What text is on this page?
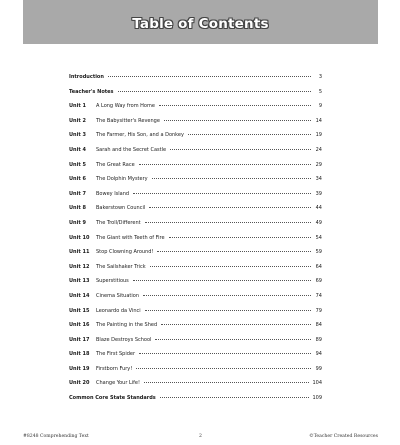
Table of Contents
Introduction	3
Teacher's Notes	5
Unit 1	A Long Way from Home	9
Unit 2	The Babysitter's Revenge	14
Unit 3	The Farmer, His Son, and a Donkey	19
Unit 4	Sarah and the Secret Castle	24
Unit 5	The Great Race	29
Unit 6	The Dolphin Mystery	34
Unit 7	Bowey Island	39
Unit 8	Bakerstown Council	44
Unit 9	The Troll/Different	49
Unit 10	The Giant with Teeth of Fire	54
Unit 11	Stop Clowning Around!	59
Unit 12	The Sailshaker Trick	64
Unit 13	Superstitious	69
Unit 14	Cinema Situation	74
Unit 15	Leonardo da Vinci	79
Unit 16	The Painting in the Shed	84
Unit 17	Blaze Destroys School	89
Unit 18	The First Spider	94
Unit 19	Firstborn Fury!	99
Unit 20	Change Your Life!	104
Common Core State Standards	109
#8248 Comprehending Text	2	©Teacher Created Resources
